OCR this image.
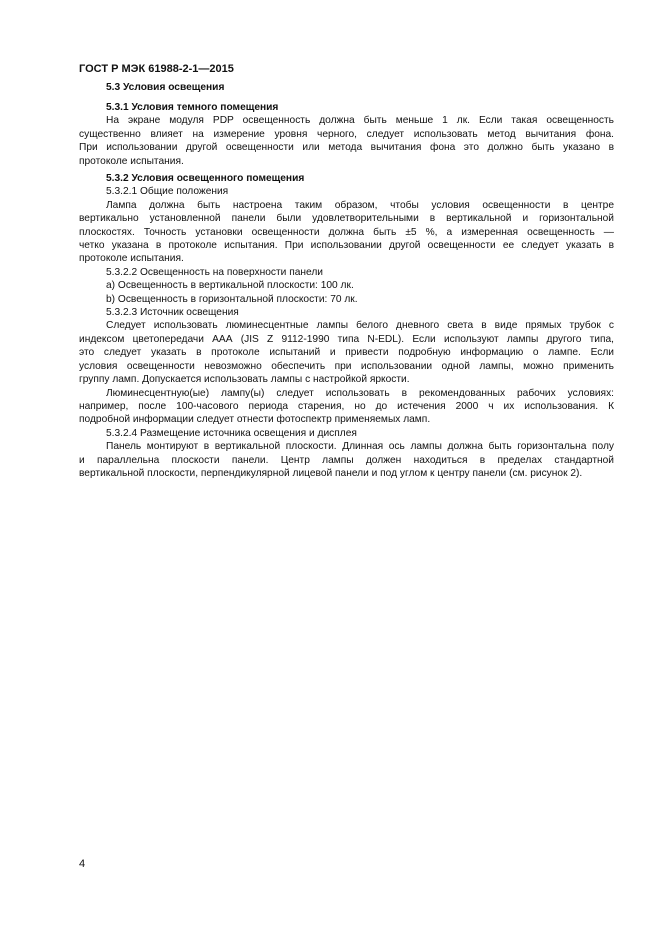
ГОСТ Р МЭК 61988-2-1—2015
5.3 Условия освещения
5.3.1 Условия темного помещения
На экране модуля PDP освещенность должна быть меньше 1 лк. Если такая освещенность
существенно влияет на измерение уровня черного, следует использовать метод вычитания фона.
При использовании другой освещенности или метода вычитания фона это должно быть указано в
протоколе испытания.
5.3.2 Условия освещенного помещения
5.3.2.1 Общие положения
Лампа должна быть настроена таким образом, чтобы условия освещенности в центре
вертикально установленной панели были удовлетворительными в вертикальной и горизонтальной
плоскостях. Точность установки освещенности должна быть ±5 %, а измеренная освещенность —
четко указана в протоколе испытания. При использовании другой освещенности ее следует указать в
протоколе испытания.
5.3.2.2 Освещенность на поверхности панели
а) Освещенность в вертикальной плоскости: 100 лк.
b) Освещенность в горизонтальной плоскости: 70 лк.
5.3.2.3 Источник освещения
Следует использовать люминесцентные лампы белого дневного света в виде прямых трубок с
индексом цветопередачи ААА (JIS Z 9112-1990 типа N-EDL). Если используют лампы другого типа,
это следует указать в протоколе испытаний и привести подробную информацию о лампе. Если
условия освещенности невозможно обеспечить при использовании одной лампы, можно применить
группу ламп. Допускается использовать лампы с настройкой яркости.
Люминесцентную(ые) лампу(ы) следует использовать в рекомендованных рабочих условиях:
например, после 100-часового периода старения, но до истечения 2000 ч их использования. К
подробной информации следует отнести фотоспектр применяемых ламп.
5.3.2.4 Размещение источника освещения и дисплея
Панель монтируют в вертикальной плоскости. Длинная ось лампы должна быть горизонтальна полу
и параллельна плоскости панели. Центр лампы должен находиться в пределах стандартной
вертикальной плоскости, перпендикулярной лицевой панели и под углом к центру панели (см. рисунок 2).
4
